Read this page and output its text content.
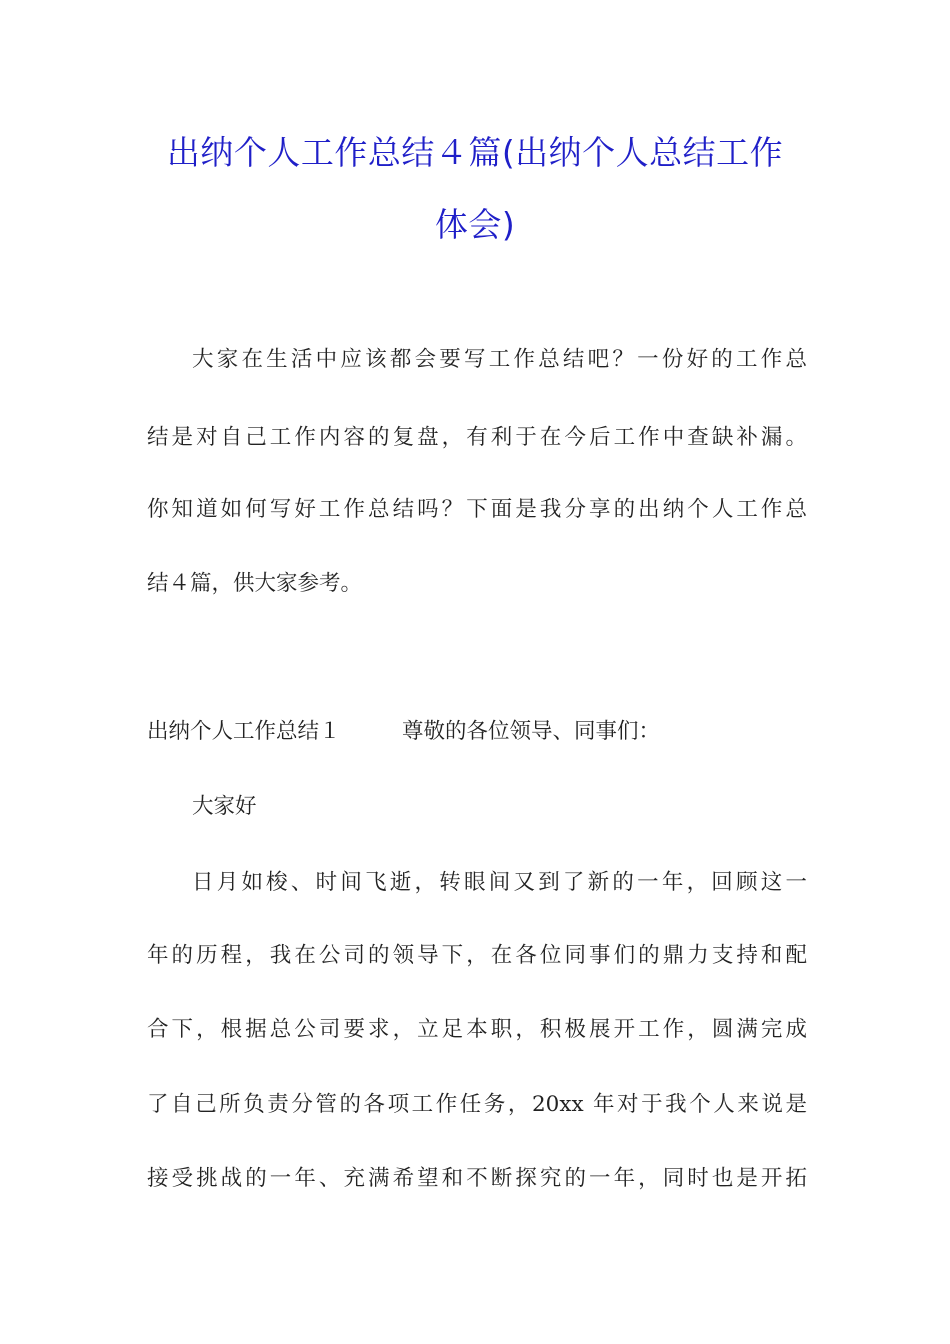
出纳个人工作总结４篇(出纳个人总结工作
体会)
大家在生活中应该都会要写工作总结吧？一份好的工作总
结是对自己工作内容的复盘，有利于在今后工作中查缺补漏。
你知道如何写好工作总结吗？下面是我分享的出纳个人工作总
结４篇，供大家参考。
出纳个人工作总结１	尊敬的各位领导、同事们：
大家好
日月如梭、时间飞逝，转眼间又到了新的一年，回顾这一
年的历程，我在公司的领导下，在各位同事们的鼎力支持和配
合下，根据总公司要求，立足本职，积极展开工作，圆满完成
了自己所负责分管的各项工作任务，20xx 年对于我个人来说是
接受挑战的一年、充满希望和不断探究的一年，同时也是开拓
